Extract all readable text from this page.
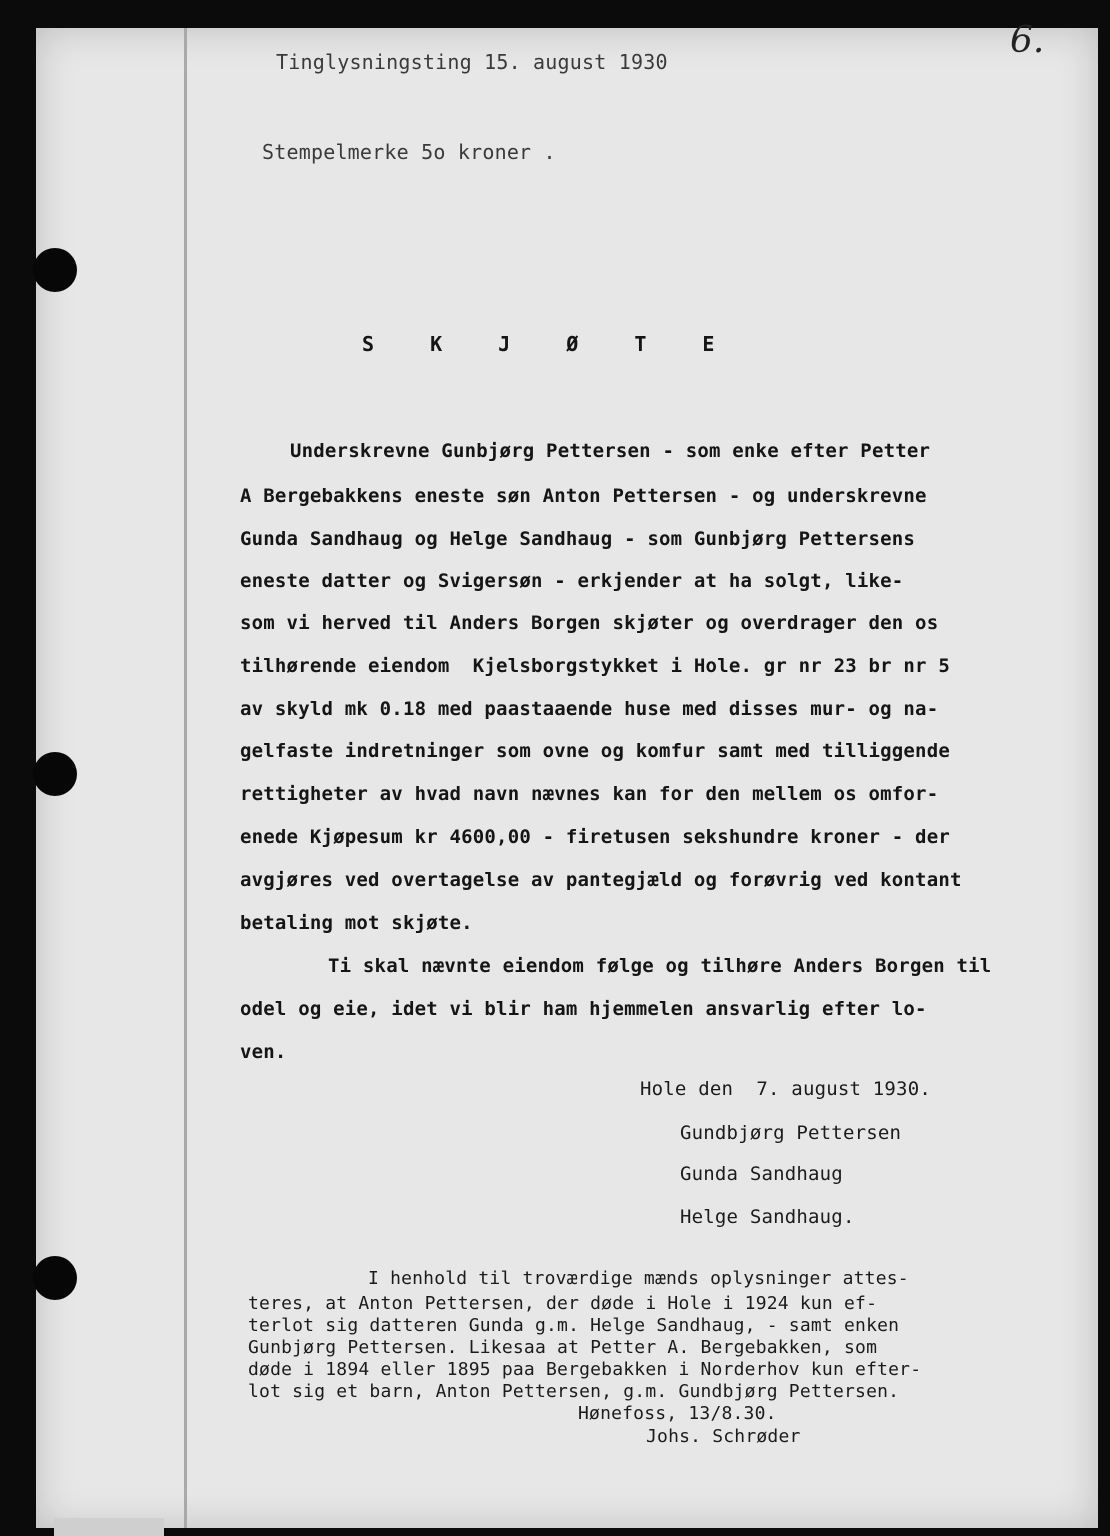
6.
Tinglysningsting 15. august 1930
Stempelmerke 5o kroner .
S K J Ø T E
Underskrevne Gunbjørg Pettersen - som enke efter Petter
A Bergebakkens eneste søn Anton Pettersen - og underskrevne
Gunda Sandhaug og Helge Sandhaug - som Gunbjørg Pettersens
eneste datter og Svigersøn - erkjender at ha solgt, like-
som vi herved til Anders Borgen skjøter og overdrager den os
tilhørende eiendom  Kjelsborgstykket i Hole. gr nr 23 br nr 5
av skyld mk 0.18 med paastaaende huse med disses mur- og na-
gelfaste indretninger som ovne og komfur samt med tilliggende
rettigheter av hvad navn nævnes kan for den mellem os omfor-
enede Kjøpesum kr 4600,00 - firetusen sekshundre kroner - der
avgjøres ved overtagelse av pantegjæld og forøvrig ved kontant
betaling mot skjøte.
Ti skal nævnte eiendom følge og tilhøre Anders Borgen til
odel og eie, idet vi blir ham hjemmelen ansvarlig efter lo-
ven.
Hole den  7. august 1930.
Gundbjørg Pettersen
Gunda Sandhaug
Helge Sandhaug.
I henhold til troværdige mænds oplysninger attes-
teres, at Anton Pettersen, der døde i Hole i 1924 kun ef-
terlot sig datteren Gunda g.m. Helge Sandhaug, - samt enken
Gunbjørg Pettersen. Likesaa at Petter A. Bergebakken, som
døde i 1894 eller 1895 paa Bergebakken i Norderhov kun efter-
lot sig et barn, Anton Pettersen, g.m. Gundbjørg Pettersen.
Hønefoss, 13/8.30.
Johs. Schrøder
